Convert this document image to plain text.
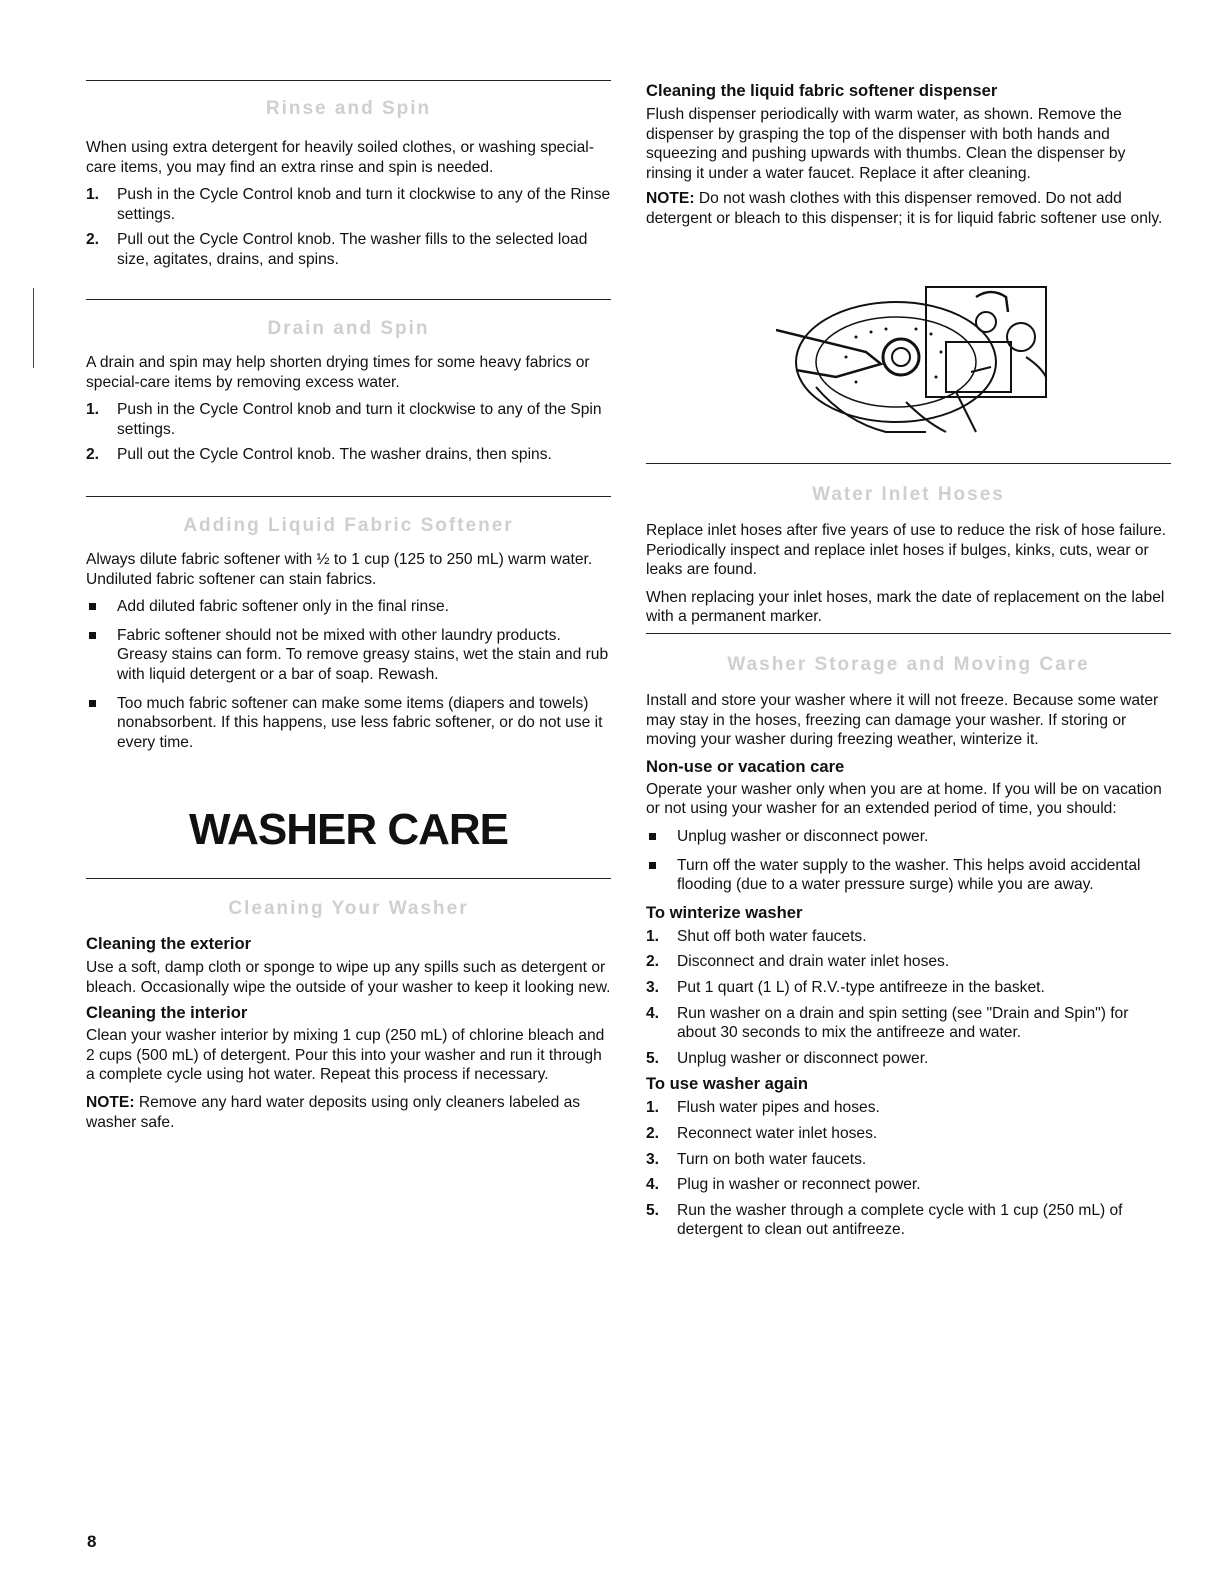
Rinse and Spin

When using extra detergent for heavily soiled clothes, or washing special-care items, you may find an extra rinse and spin is needed.

1. Push in the Cycle Control knob and turn it clockwise to any of the Rinse settings.
2. Pull out the Cycle Control knob. The washer fills to the selected load size, agitates, drains, and spins.
Drain and Spin

A drain and spin may help shorten drying times for some heavy fabrics or special-care items by removing excess water.

1. Push in the Cycle Control knob and turn it clockwise to any of the Spin settings.
2. Pull out the Cycle Control knob. The washer drains, then spins.
Adding Liquid Fabric Softener

Always dilute fabric softener with ½ to 1 cup (125 to 250 mL) warm water. Undiluted fabric softener can stain fabrics.

Add diluted fabric softener only in the final rinse.
Fabric softener should not be mixed with other laundry products. Greasy stains can form. To remove greasy stains, wet the stain and rub with liquid detergent or a bar of soap. Rewash.
Too much fabric softener can make some items (diapers and towels) nonabsorbent. If this happens, use less fabric softener, or do not use it every time.
WASHER CARE
Cleaning Your Washer
Cleaning the exterior

Use a soft, damp cloth or sponge to wipe up any spills such as detergent or bleach. Occasionally wipe the outside of your washer to keep it looking new.

Cleaning the interior

Clean your washer interior by mixing 1 cup (250 mL) of chlorine bleach and 2 cups (500 mL) of detergent. Pour this into your washer and run it through a complete cycle using hot water. Repeat this process if necessary.

NOTE: Remove any hard water deposits using only cleaners labeled as washer safe.

Cleaning the liquid fabric softener dispenser

Flush dispenser periodically with warm water, as shown. Remove the dispenser by grasping the top of the dispenser with both hands and squeezing and pushing upwards with thumbs. Clean the dispenser by rinsing it under a water faucet. Replace it after cleaning.

NOTE: Do not wash clothes with this dispenser removed. Do not add detergent or bleach to this dispenser; it is for liquid fabric softener use only.

Water Inlet Hoses

Replace inlet hoses after five years of use to reduce the risk of hose failure. Periodically inspect and replace inlet hoses if bulges, kinks, cuts, wear or leaks are found.

When replacing your inlet hoses, mark the date of replacement on the label with a permanent marker.

Washer Storage and Moving Care

Install and store your washer where it will not freeze. Because some water may stay in the hoses, freezing can damage your washer. If storing or moving your washer during freezing weather, winterize it.

Non-use or vacation care

Operate your washer only when you are at home. If you will be on vacation or not using your washer for an extended period of time, you should:

Unplug washer or disconnect power.
Turn off the water supply to the washer. This helps avoid accidental flooding (due to a water pressure surge) while you are away.
To winterize washer
1. Shut off both water faucets.
2. Disconnect and drain water inlet hoses.
3. Put 1 quart (1 L) of R.V.-type antifreeze in the basket.
4. Run washer on a drain and spin setting (see "Drain and Spin") for about 30 seconds to mix the antifreeze and water.
5. Unplug washer or disconnect power.
To use washer again
1. Flush water pipes and hoses.
2. Reconnect water inlet hoses.
3. Turn on both water faucets.
4. Plug in washer or reconnect power.
5. Run the washer through a complete cycle with 1 cup (250 mL) of detergent to clean out antifreeze.
8
